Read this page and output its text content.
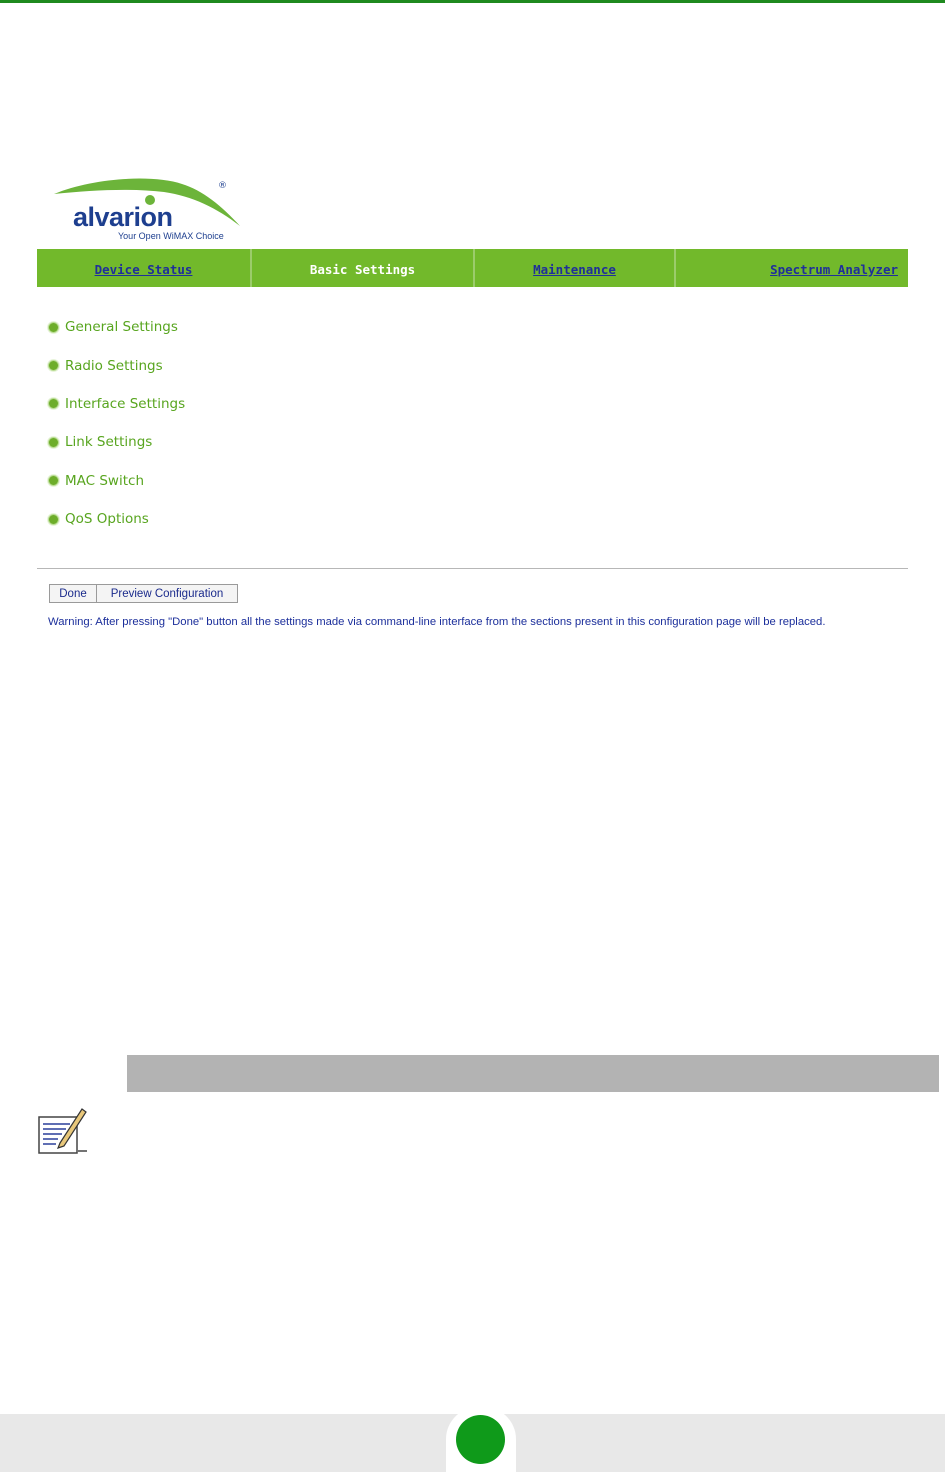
®
alvarion
Your Open WiMAX Choice
Device Status	Basic Settings	Maintenance	Spectrum Analyzer
General Settings
Radio Settings
Interface Settings
Link Settings
MAC Switch
QoS Options
Done	Preview Configuration
Warning: After pressing "Done" button all the settings made via command-line interface from the sections present in this configuration page will be replaced.
